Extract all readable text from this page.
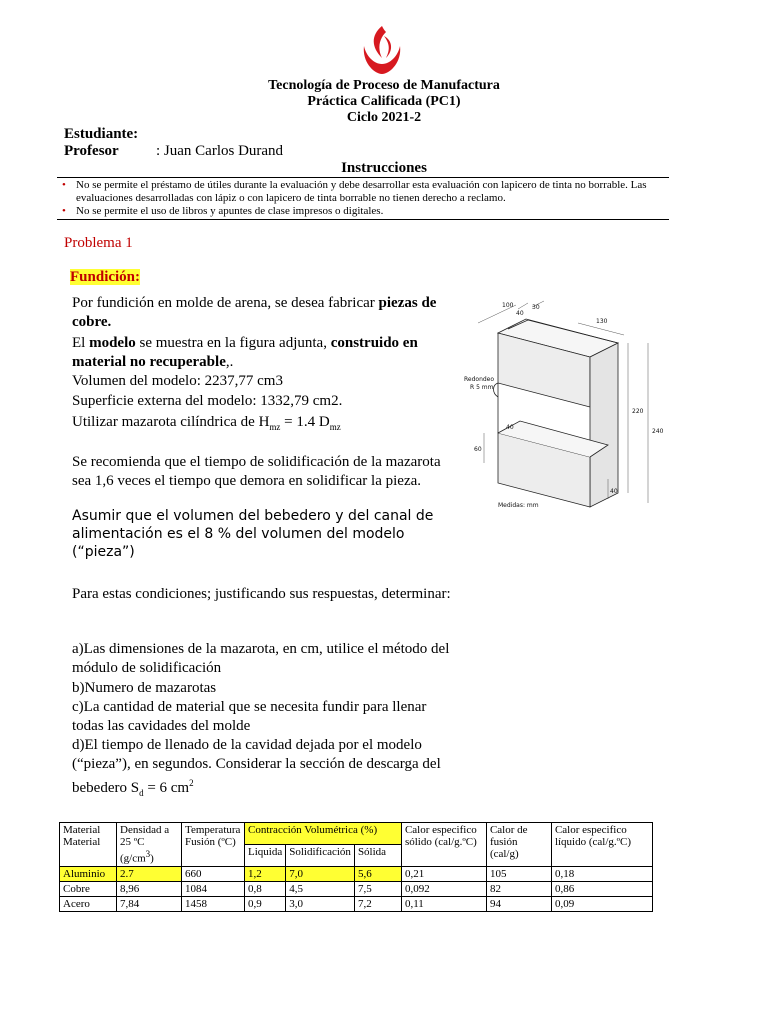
Tecnología de Proceso de Manufactura
Práctica Calificada (PC1)
Ciclo 2021-2
Estudiante:
Profesor : Juan Carlos Durand
Instrucciones
• No se permite el préstamo de útiles durante la evaluación y debe desarrollar esta evaluación con lapicero de tinta no borrable. Las evaluaciones desarrolladas con lápiz o con lapicero de tinta borrable no tienen derecho a reclamo.
• No se permite el uso de libros y apuntes de clase impresos o digitales.
Problema 1
Fundición:
Por fundición en molde de arena, se desea fabricar piezas de cobre.
El modelo se muestra en la figura adjunta, construido en material no recuperable,.
Volumen del modelo: 2237,77 cm3
Superficie externa del modelo: 1332,79 cm2.
Utilizar mazarota cilíndrica de $H_{mz} = 1.4$ $D_{mz}$
Se recomienda que el tiempo de solidificación de la mazarota sea 1,6 veces el tiempo que demora en solidificar la pieza.
Asumir que el volumen del bebedero y del canal de alimentación es el 8 % del volumen del modelo (“pieza”)
Para estas condiciones; justificando sus respuestas, determinar:
a)Las dimensiones de la mazarota, en cm, utilice el método del módulo de solidificación
b)Numero de mazarotas
c)La cantidad de material que se necesita fundir para llenar todas las cavidades del molde
d)El tiempo de llenado de la cavidad dejada por el modelo (“pieza”), en segundos. Considerar la sección de descarga del bebedero $S_d = 6$ $cm^2$
100
40
30
130
Redondeo
R 5 mm
220
240
40
60
40
Medidas: mm
Material Material	Densidad a 25 ºC $(g/cm^3)$	Temperatura Fusión (ºC)	Contracción Volumétrica (%)			Calor especifico sólido (cal/g.ºC)	Calor de fusión (cal/g)	Calor especifico líquido (cal/g.ºC)
			Liquida	Solidificación	Sólida			
Aluminio	2.7	660	1,2	7,0	5,6	0,21	105	0,18
Cobre	8,96	1084	0,8	4,5	7,5	0,092	82	0,86
Acero	7,84	1458	0,9	3,0	7,2	0,11	94	0,09
